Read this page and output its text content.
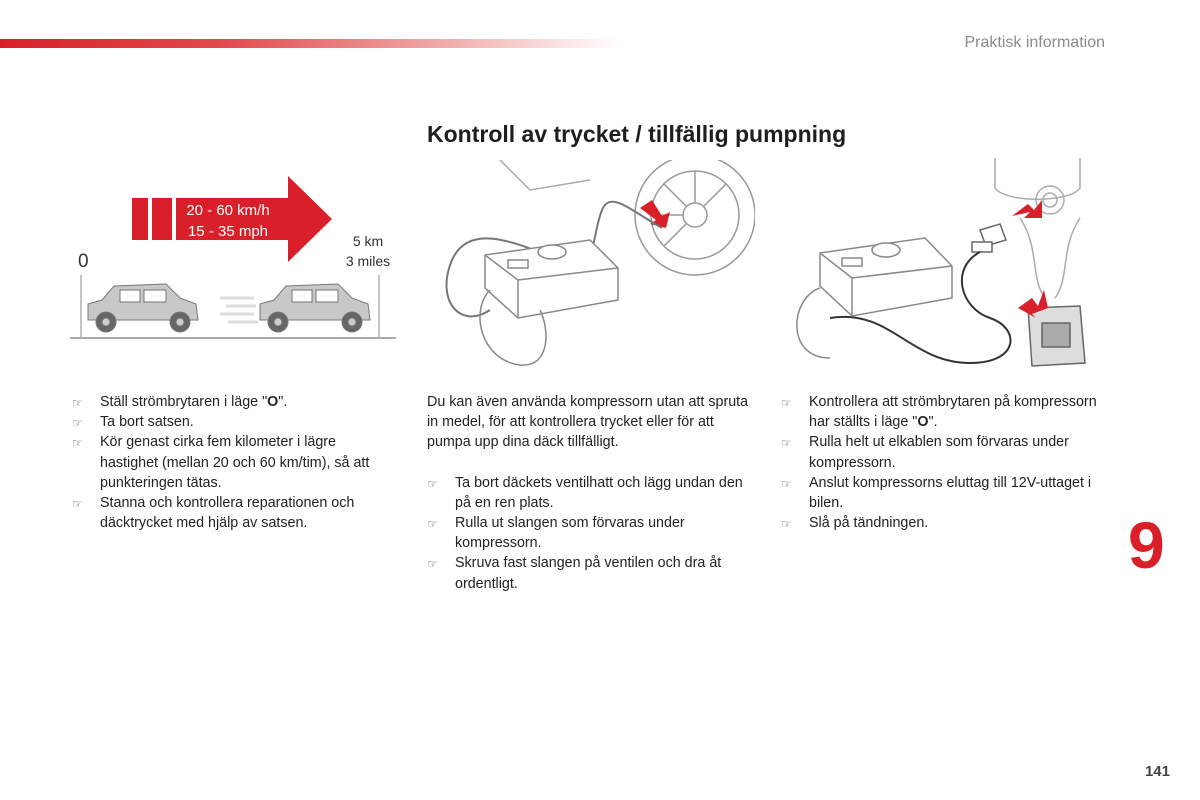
Praktisk information
Kontroll av trycket / tillfällig pumpning
20 - 60 km/h
15 - 35 mph
0
5 km
3 miles
☞ Ställ strömbrytaren i läge "O".
☞ Ta bort satsen.
☞ Kör genast cirka fem kilometer i lägre hastighet (mellan 20 och 60 km/tim), så att punkteringen tätas.
☞ Stanna och kontrollera reparationen och däcktrycket med hjälp av satsen.

Du kan även använda kompressorn utan att spruta in medel, för att kontrollera trycket eller för att pumpa upp dina däck tillfälligt.

☞ Ta bort däckets ventilhatt och lägg undan den på en ren plats.
☞ Rulla ut slangen som förvaras under kompressorn.
☞ Skruva fast slangen på ventilen och dra åt ordentligt.
☞ Kontrollera att strömbrytaren på kompressorn har ställts i läge "O".
☞ Rulla helt ut elkablen som förvaras under kompressorn.
☞ Anslut kompressorns eluttag till 12V-uttaget i bilen.
☞ Slå på tändningen.	9
141
